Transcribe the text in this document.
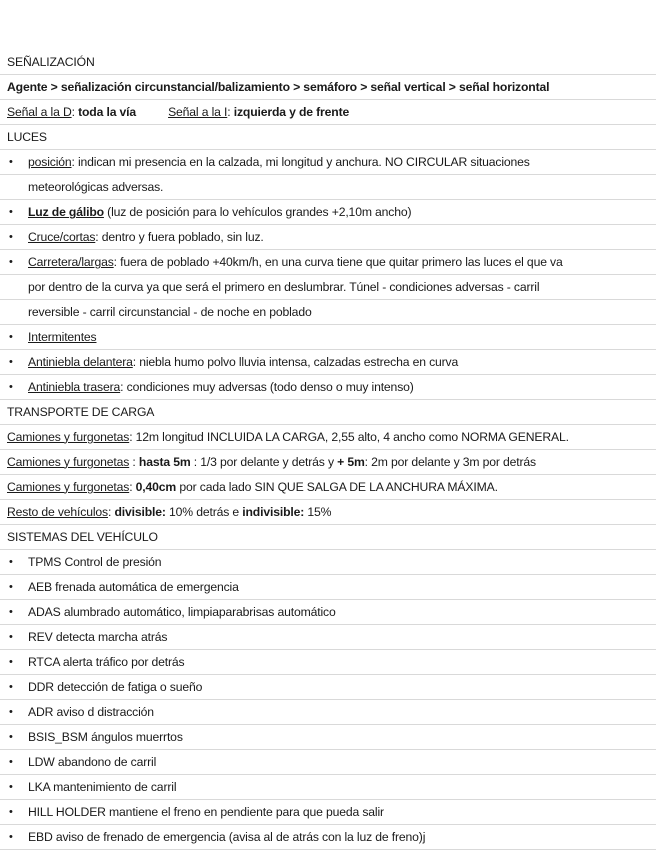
SEÑALIZACIÓN
Agente > señalización circunstancial/balizamiento > semáforo > señal vertical > señal horizontal
Señal a la D: toda la vía	Señal a la I: izquierda y de frente
LUCES
• posición: indican mi presencia en la calzada, mi longitud y anchura. NO CIRCULAR situaciones
meteorológicas adversas.
• Luz de gálibo (luz de posición para lo vehículos grandes +2,10m ancho)
• Cruce/cortas: dentro y fuera poblado, sin luz.
• Carretera/largas: fuera de poblado +40km/h, en una curva tiene que quitar primero las luces el que va
por dentro de la curva ya que será el primero en deslumbrar. Túnel - condiciones adversas - carril
reversible - carril circunstancial - de noche en poblado
• Intermitentes
• Antiniebla delantera: niebla humo polvo lluvia intensa, calzadas estrecha en curva
• Antiniebla trasera: condiciones muy adversas (todo denso o muy intenso)
TRANSPORTE DE CARGA
Camiones y furgonetas: 12m longitud INCLUIDA LA CARGA, 2,55 alto, 4 ancho como NORMA GENERAL.
Camiones y furgonetas : hasta 5m : 1/3 por delante y detrás y + 5m: 2m por delante y 3m por detrás
Camiones y furgonetas: 0,40cm por cada lado SIN QUE SALGA DE LA ANCHURA MÁXIMA.
Resto de vehículos: divisible: 10% detrás e indivisible: 15%
SISTEMAS DEL VEHÍCULO
• TPMS Control de presión
• AEB frenada automática de emergencia
• ADAS alumbrado automático, limpiaparabrisas automático
• REV detecta marcha atrás
• RTCA alerta tráfico por detrás
• DDR detección de fatiga o sueño
• ADR aviso d distracción
• BSIS_BSM ángulos muerrtos
• LDW abandono de carril
• LKA mantenimiento de carril
• HILL HOLDER mantiene el freno en pendiente para que pueda salir
• EBD aviso de frenado de emergencia (avisa al de atrás con la luz de freno)j
